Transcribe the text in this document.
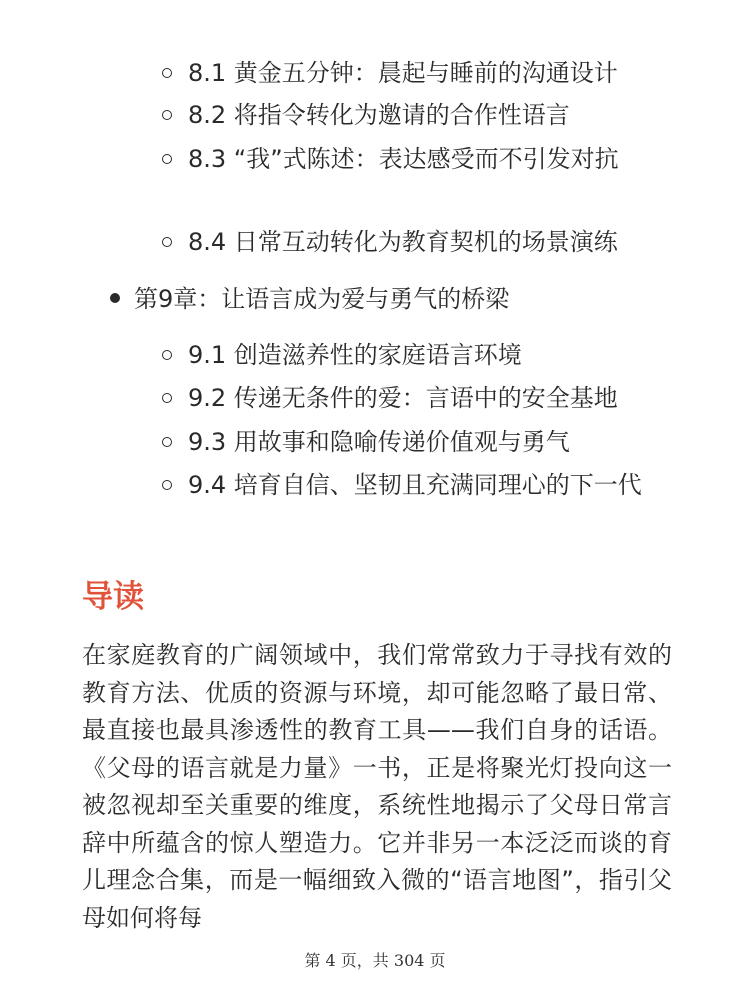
8.1 黄金五分钟：晨起与睡前的沟通设计
8.2 将指令转化为邀请的合作性语言
8.3 “我”式陈述：表达感受而不引发对抗
8.4 日常互动转化为教育契机的场景演练
第9章：让语言成为爱与勇气的桥梁
9.1 创造滋养性的家庭语言环境
9.2 传递无条件的爱：言语中的安全基地
9.3 用故事和隐喻传递价值观与勇气
9.4 培育自信、坚韧且充满同理心的下一代
导读

在家庭教育的广阔领域中，我们常常致力于寻找有效的教育方法、优质的资源与环境，却可能忽略了最日常、最直接也最具渗透性的教育工具——我们自身的话语。《父母的语言就是力量》一书，正是将聚光灯投向这一被忽视却至关重要的维度，系统性地揭示了父母日常言辞中所蕴含的惊人塑造力。它并非另一本泛泛而谈的育儿理念合集，而是一幅细致入微的“语言地图”，指引父母如何将每

第 4 页，共 304 页
